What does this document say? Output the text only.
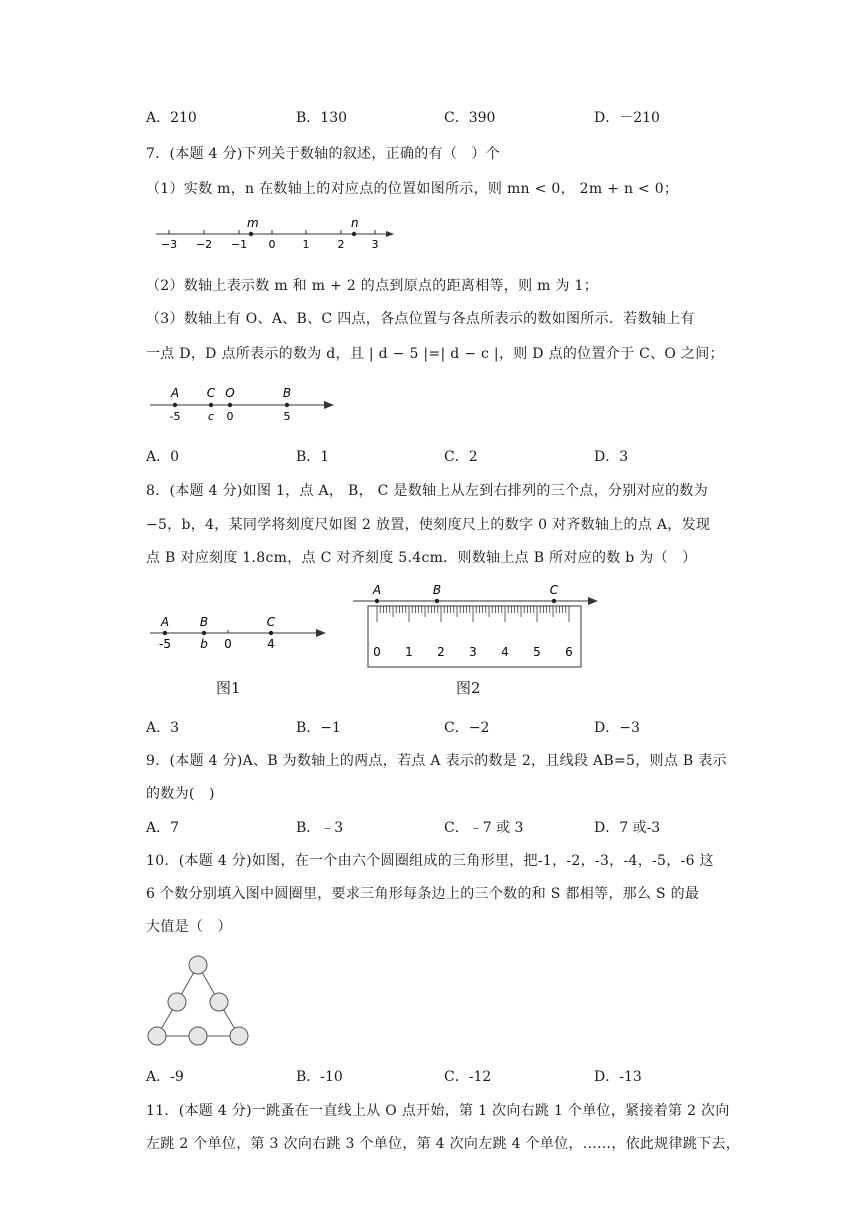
A．210	B．130	C．390	D．－210
7．(本题 4 分)下列关于数轴的叙述，正确的有（　）个
（1）实数 m，n 在数轴上的对应点的位置如图所示，则 mn < 0， 2m + n < 0；
m	n
−3 −2 −1 0 1	2 3
（2）数轴上表示数 m 和 m + 2 的点到原点的距离相等，则 m 为 1；
（3）数轴上有 O、A、B、C 四点，各点位置与各点所表示的数如图所示．若数轴上有
一点 D，D 点所表示的数为 d，且 | d − 5 |=| d − c |，则 D 点的位置介于 C、O 之间；
A C O	B
-5 c 0	5
A．0	B．1	C．2	D．3
8．(本题 4 分)如图 1，点 A， B， C 是数轴上从左到右排列的三个点，分别对应的数为
−5，b，4，某同学将刻度尺如图 2 放置，使刻度尺上的数字 0 对齐数轴上的点 A，发现
点 B 对应刻度 1.8cm，点 C 对齐刻度 5.4cm．则数轴上点 B 所对应的数 b 为（　）
A	B	C
-5 b 0	4
图1
A	B	C
0 1 2 3 4 5 6
图2
A．3	B．−1	C．−2	D．−3
9．(本题 4 分)A、B 为数轴上的两点，若点 A 表示的数是 2，且线段 AB=5，则点 B 表示
的数为(　)
A．7	B．﹣3	C．﹣7 或 3	D．7 或-3
10．(本题 4 分)如图，在一个由六个圆圈组成的三角形里，把-1，-2，-3，-4，-5，-6 这
6 个数分别填入图中圆圈里，要求三角形每条边上的三个数的和 S 都相等，那么 S 的最
大值是（　）
A．-9	B．-10	C．-12	D．-13
11．(本题 4 分)一跳蚤在一直线上从 O 点开始，第 1 次向右跳 1 个单位，紧接着第 2 次向
左跳 2 个单位，第 3 次向右跳 3 个单位，第 4 次向左跳 4 个单位，……，依此规律跳下去，
